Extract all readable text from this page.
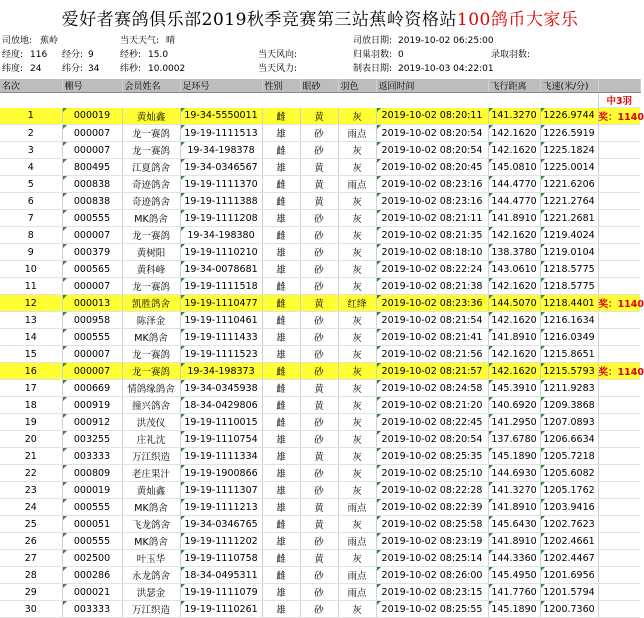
爱好者赛鸽俱乐部2019秋季竞赛第三站蕉岭资格站 100鸽币大家乐
司放地: 蕉岭	当天天气: 晴	司放日期: 2019-10-02 06:25:00
经度: 116 经分: 9	经秒: 15.0	当天风向:	归巢羽数: 0	录取羽数:
纬度: 24 纬分: 34 纬秒: 10.0002	当天风力:	制表日期: 2019-10-03 04:22:01
名次	棚号	会员姓名	足环号	性别	眼砂	羽色	返回时间	飞行距离	飞速(米/分)	
										中3羽
1	000019	黄灿鑫	19-34-5550011	雌	黄	灰	2019-10-02 08:20:11	141.3270	1226.9744	奖：1140
2	000007	龙一赛鸽	19-19-1111513	雄	砂	雨点	2019-10-02 08:20:54	142.1620	1226.5919	
3	000007	龙一赛鸽	19-34-198378	雌	砂	灰	2019-10-02 08:20:54	142.1620	1225.1824	
4	800495	江夏鸽舍	19-34-0346567	雄	黄	灰	2019-10-02 08:20:45	145.0810	1225.0014	
5	000838	奇迹鸽舍	19-19-1111370	雌	黄	雨点	2019-10-02 08:23:16	144.4770	1221.6206	
6	000838	奇迹鸽舍	19-19-1111388	雌	黄	灰	2019-10-02 08:23:16	144.4770	1221.2764	
7	000555	MK鸽舍	19-19-1111208	雄	砂	灰	2019-10-02 08:21:11	141.8910	1221.2681	
8	000007	龙一赛鸽	19-34-198380	雌	砂	灰	2019-10-02 08:21:35	142.1620	1219.4024	
9	000379	黄树阳	19-19-1110210	雄	砂	灰	2019-10-02 08:18:10	138.3780	1219.0104	
10	000565	黄科峰	19-34-0078681	雄	砂	灰	2019-10-02 08:22:24	143.0610	1218.5775	
11	000007	龙一赛鸽	19-19-1111518	雌	砂	灰	2019-10-02 08:21:38	142.1620	1218.5775	
12	000013	凯胜鸽舍	19-19-1110477	雌	黄	红绛	2019-10-02 08:23:36	144.5070	1218.4401	奖：1140
13	000958	陈泽金	19-19-1110461	雌	砂	灰	2019-10-02 08:21:54	142.1620	1216.1634	
14	000555	MK鸽舍	19-19-1111433	雄	砂	灰	2019-10-02 08:21:41	141.8910	1216.0349	
15	000007	龙一赛鸽	19-19-1111523	雄	砂	灰	2019-10-02 08:21:56	142.1620	1215.8651	
16	000007	龙一赛鸽	19-34-198373	雌	砂	灰	2019-10-02 08:21:57	142.1620	1215.5793	奖：1140
17	000669	情鸽缘鸽舍	19-34-0345938	雌	黄	灰	2019-10-02 08:24:58	145.3910	1211.9283	
18	000919	撞兴鸽舍	18-34-0429806	雌	黄	灰	2019-10-02 08:21:20	140.6920	1209.3868	
19	000912	洪茂仪	19-19-1110015	雌	砂	灰	2019-10-02 08:22:45	141.2950	1207.0893	
20	003255	庄礼沈	19-19-1110754	雄	砂	灰	2019-10-02 08:20:54	137.6780	1206.6634	
21	003333	万江织造	19-19-1111334	雄	黄	灰	2019-10-02 08:25:35	145.1890	1205.7218	
22	000809	老庄果汁	19-19-1900866	雄	砂	灰	2019-10-02 08:25:10	144.6930	1205.6082	
23	000019	黄灿鑫	19-19-1111307	雄	砂	灰	2019-10-02 08:22:28	141.3270	1205.1762	
24	000555	MK鸽舍	19-19-1111213	雄	黄	雨点	2019-10-02 08:22:39	141.8910	1203.9416	
25	000051	飞龙鸽舍	19-34-0346765	雌	黄	灰	2019-10-02 08:25:58	145.6430	1202.7623	
26	000555	MK鸽舍	19-19-1111202	雄	砂	雨点	2019-10-02 08:23:19	141.8910	1202.4661	
27	002500	叶玉华	19-19-1110758	雌	黄	灰	2019-10-02 08:25:14	144.3360	1202.4467	
28	000286	永龙鸽舍	18-34-0495311	雌	砂	雨点	2019-10-02 08:26:00	145.4950	1201.6956	
29	000021	洪瑟金	19-19-1111079	雄	砂	雨点	2019-10-02 08:23:15	141.7760	1201.5794	
30	003333	万江织造	19-19-1110261	雄	砂	灰	2019-10-02 08:25:55	145.1890	1200.7360	
